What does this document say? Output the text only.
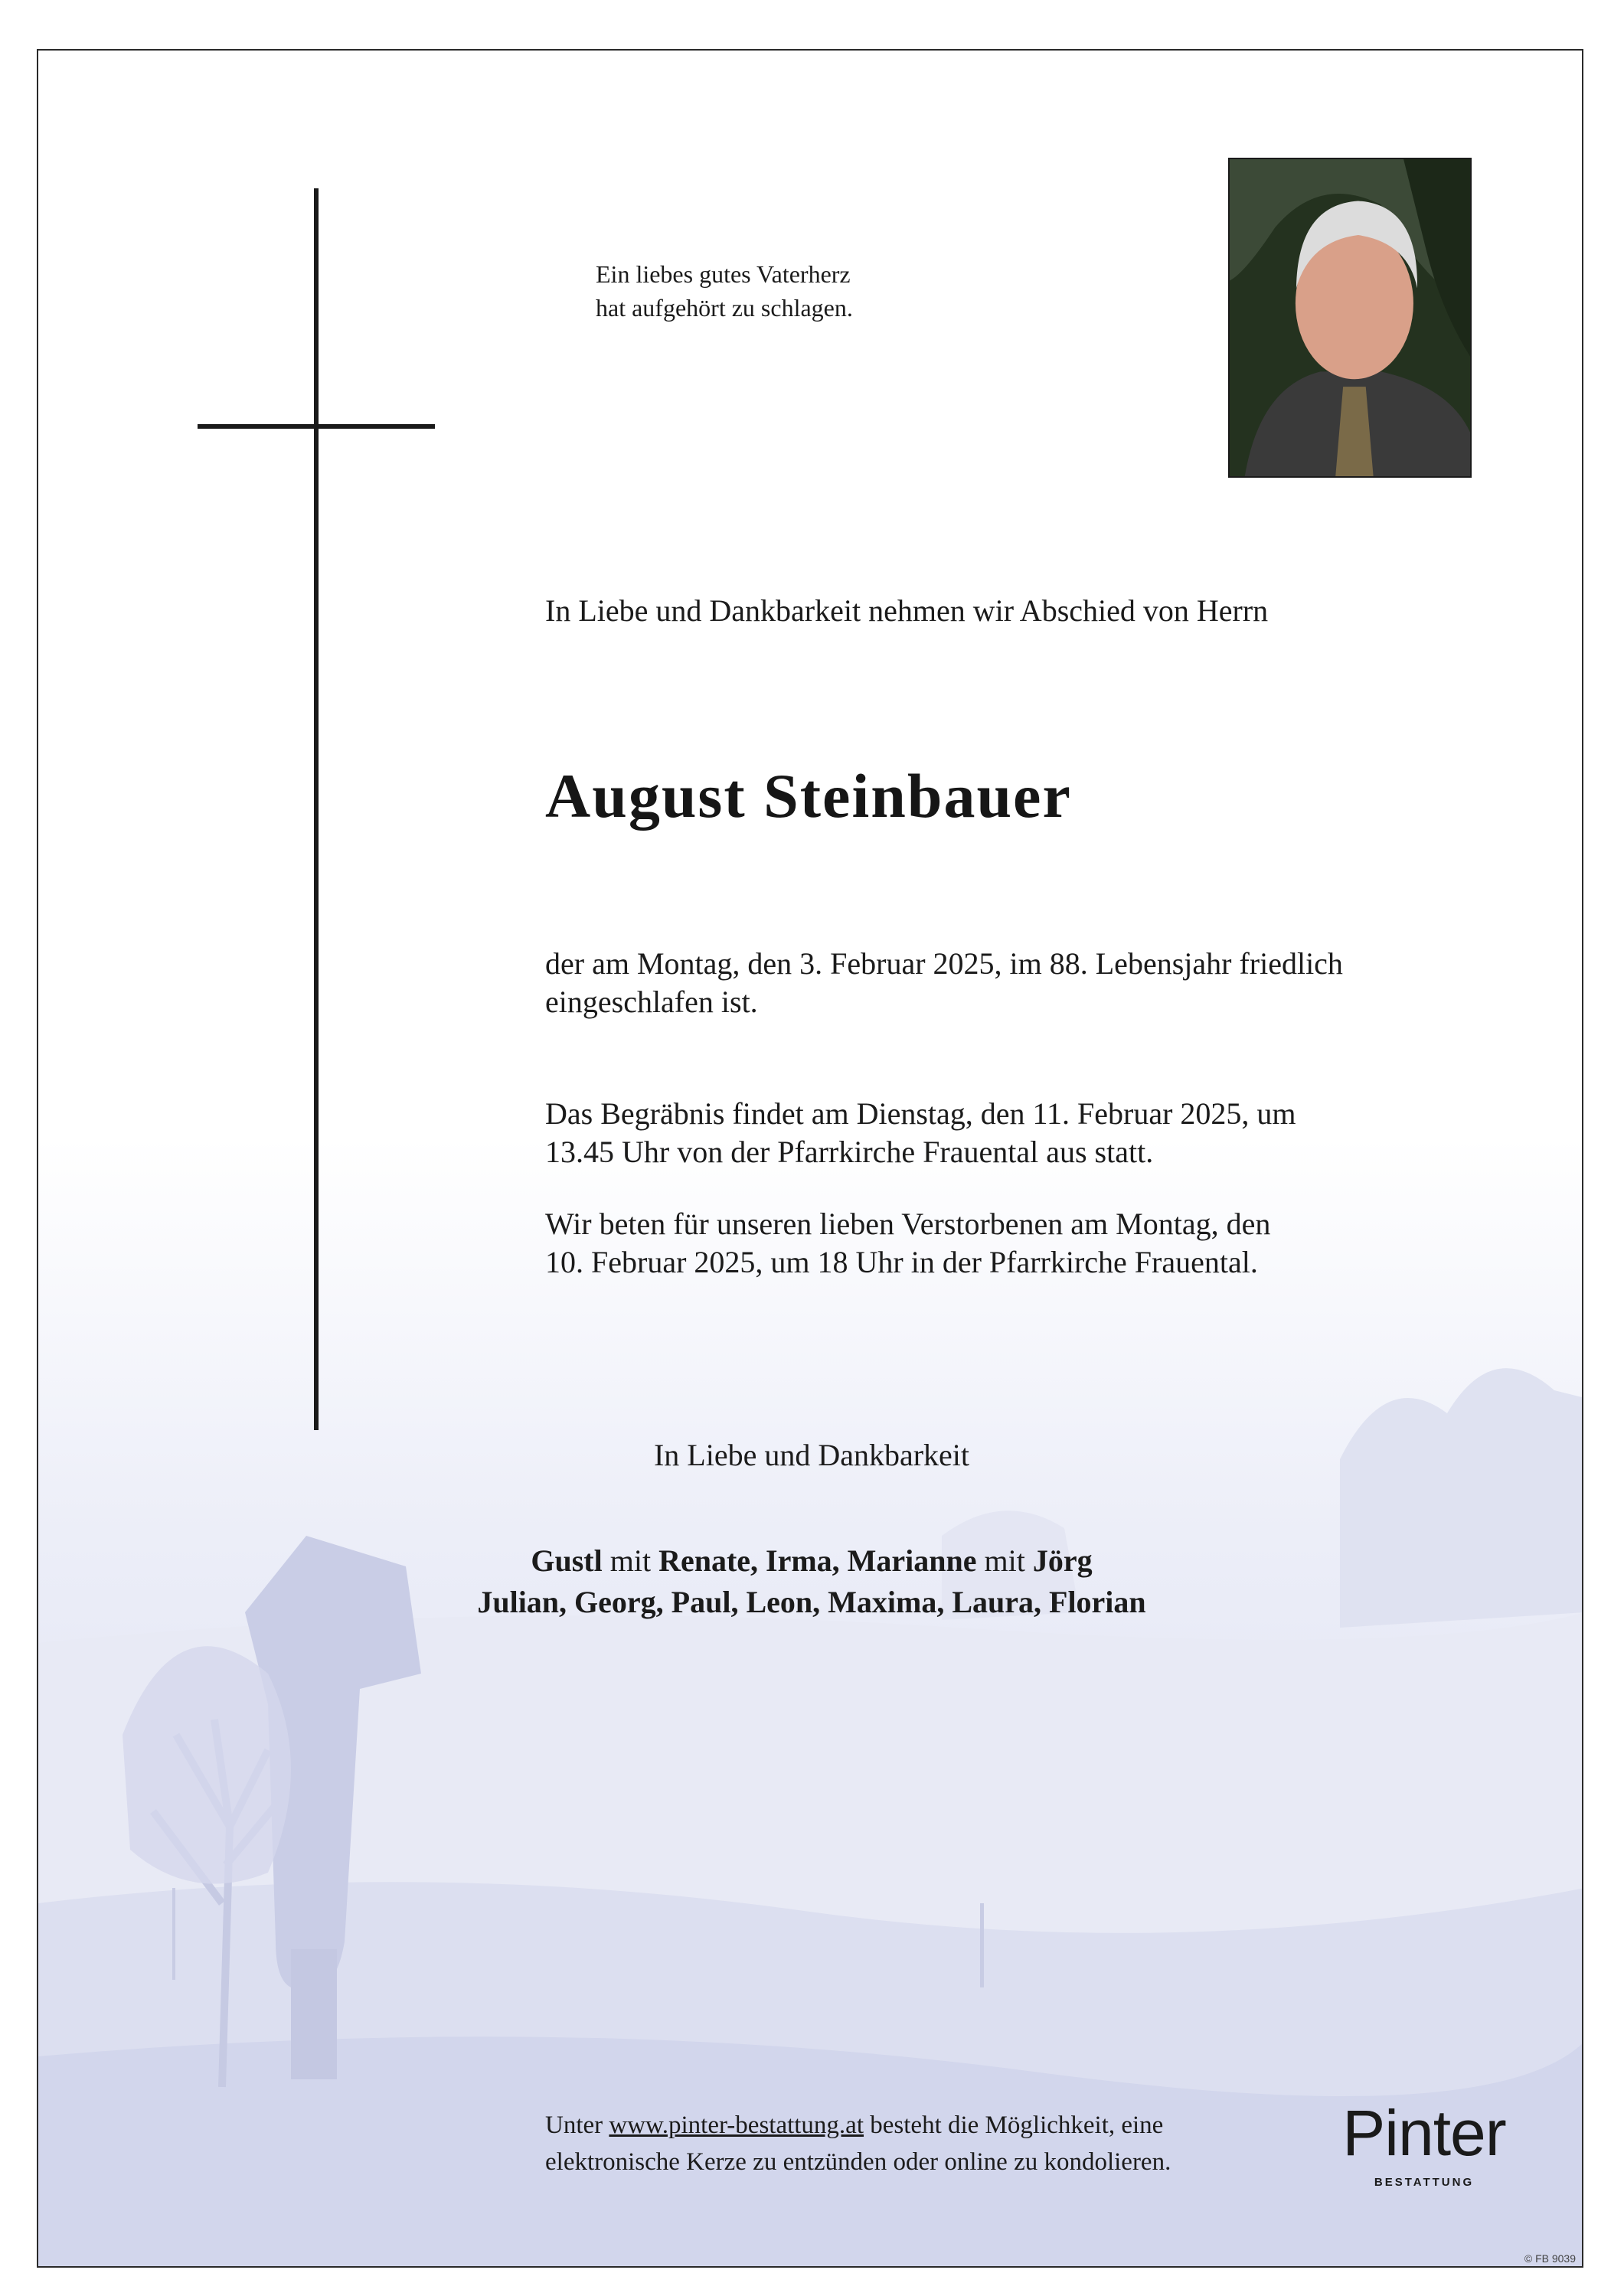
Ein liebes gutes Vaterherz
hat aufgehört zu schlagen.
In Liebe und Dankbarkeit nehmen wir Abschied von Herrn
August Steinbauer
der am Montag, den 3. Februar 2025, im 88. Lebensjahr friedlich
eingeschlafen ist.
Das Begräbnis findet am Dienstag, den 11. Februar 2025, um
13.45 Uhr von der Pfarrkirche Frauental aus statt.
Wir beten für unseren lieben Verstorbenen am Montag, den
10. Februar 2025, um 18 Uhr in der Pfarrkirche Frauental.
In Liebe und Dankbarkeit
Gustl mit Renate, Irma, Marianne mit Jörg
Julian, Georg, Paul, Leon, Maxima, Laura, Florian
Unter www.pinter-bestattung.at besteht die Möglichkeit, eine
elektronische Kerze zu entzünden oder online zu kondolieren.	Pinter
BESTATTUNG
© FB 9039
